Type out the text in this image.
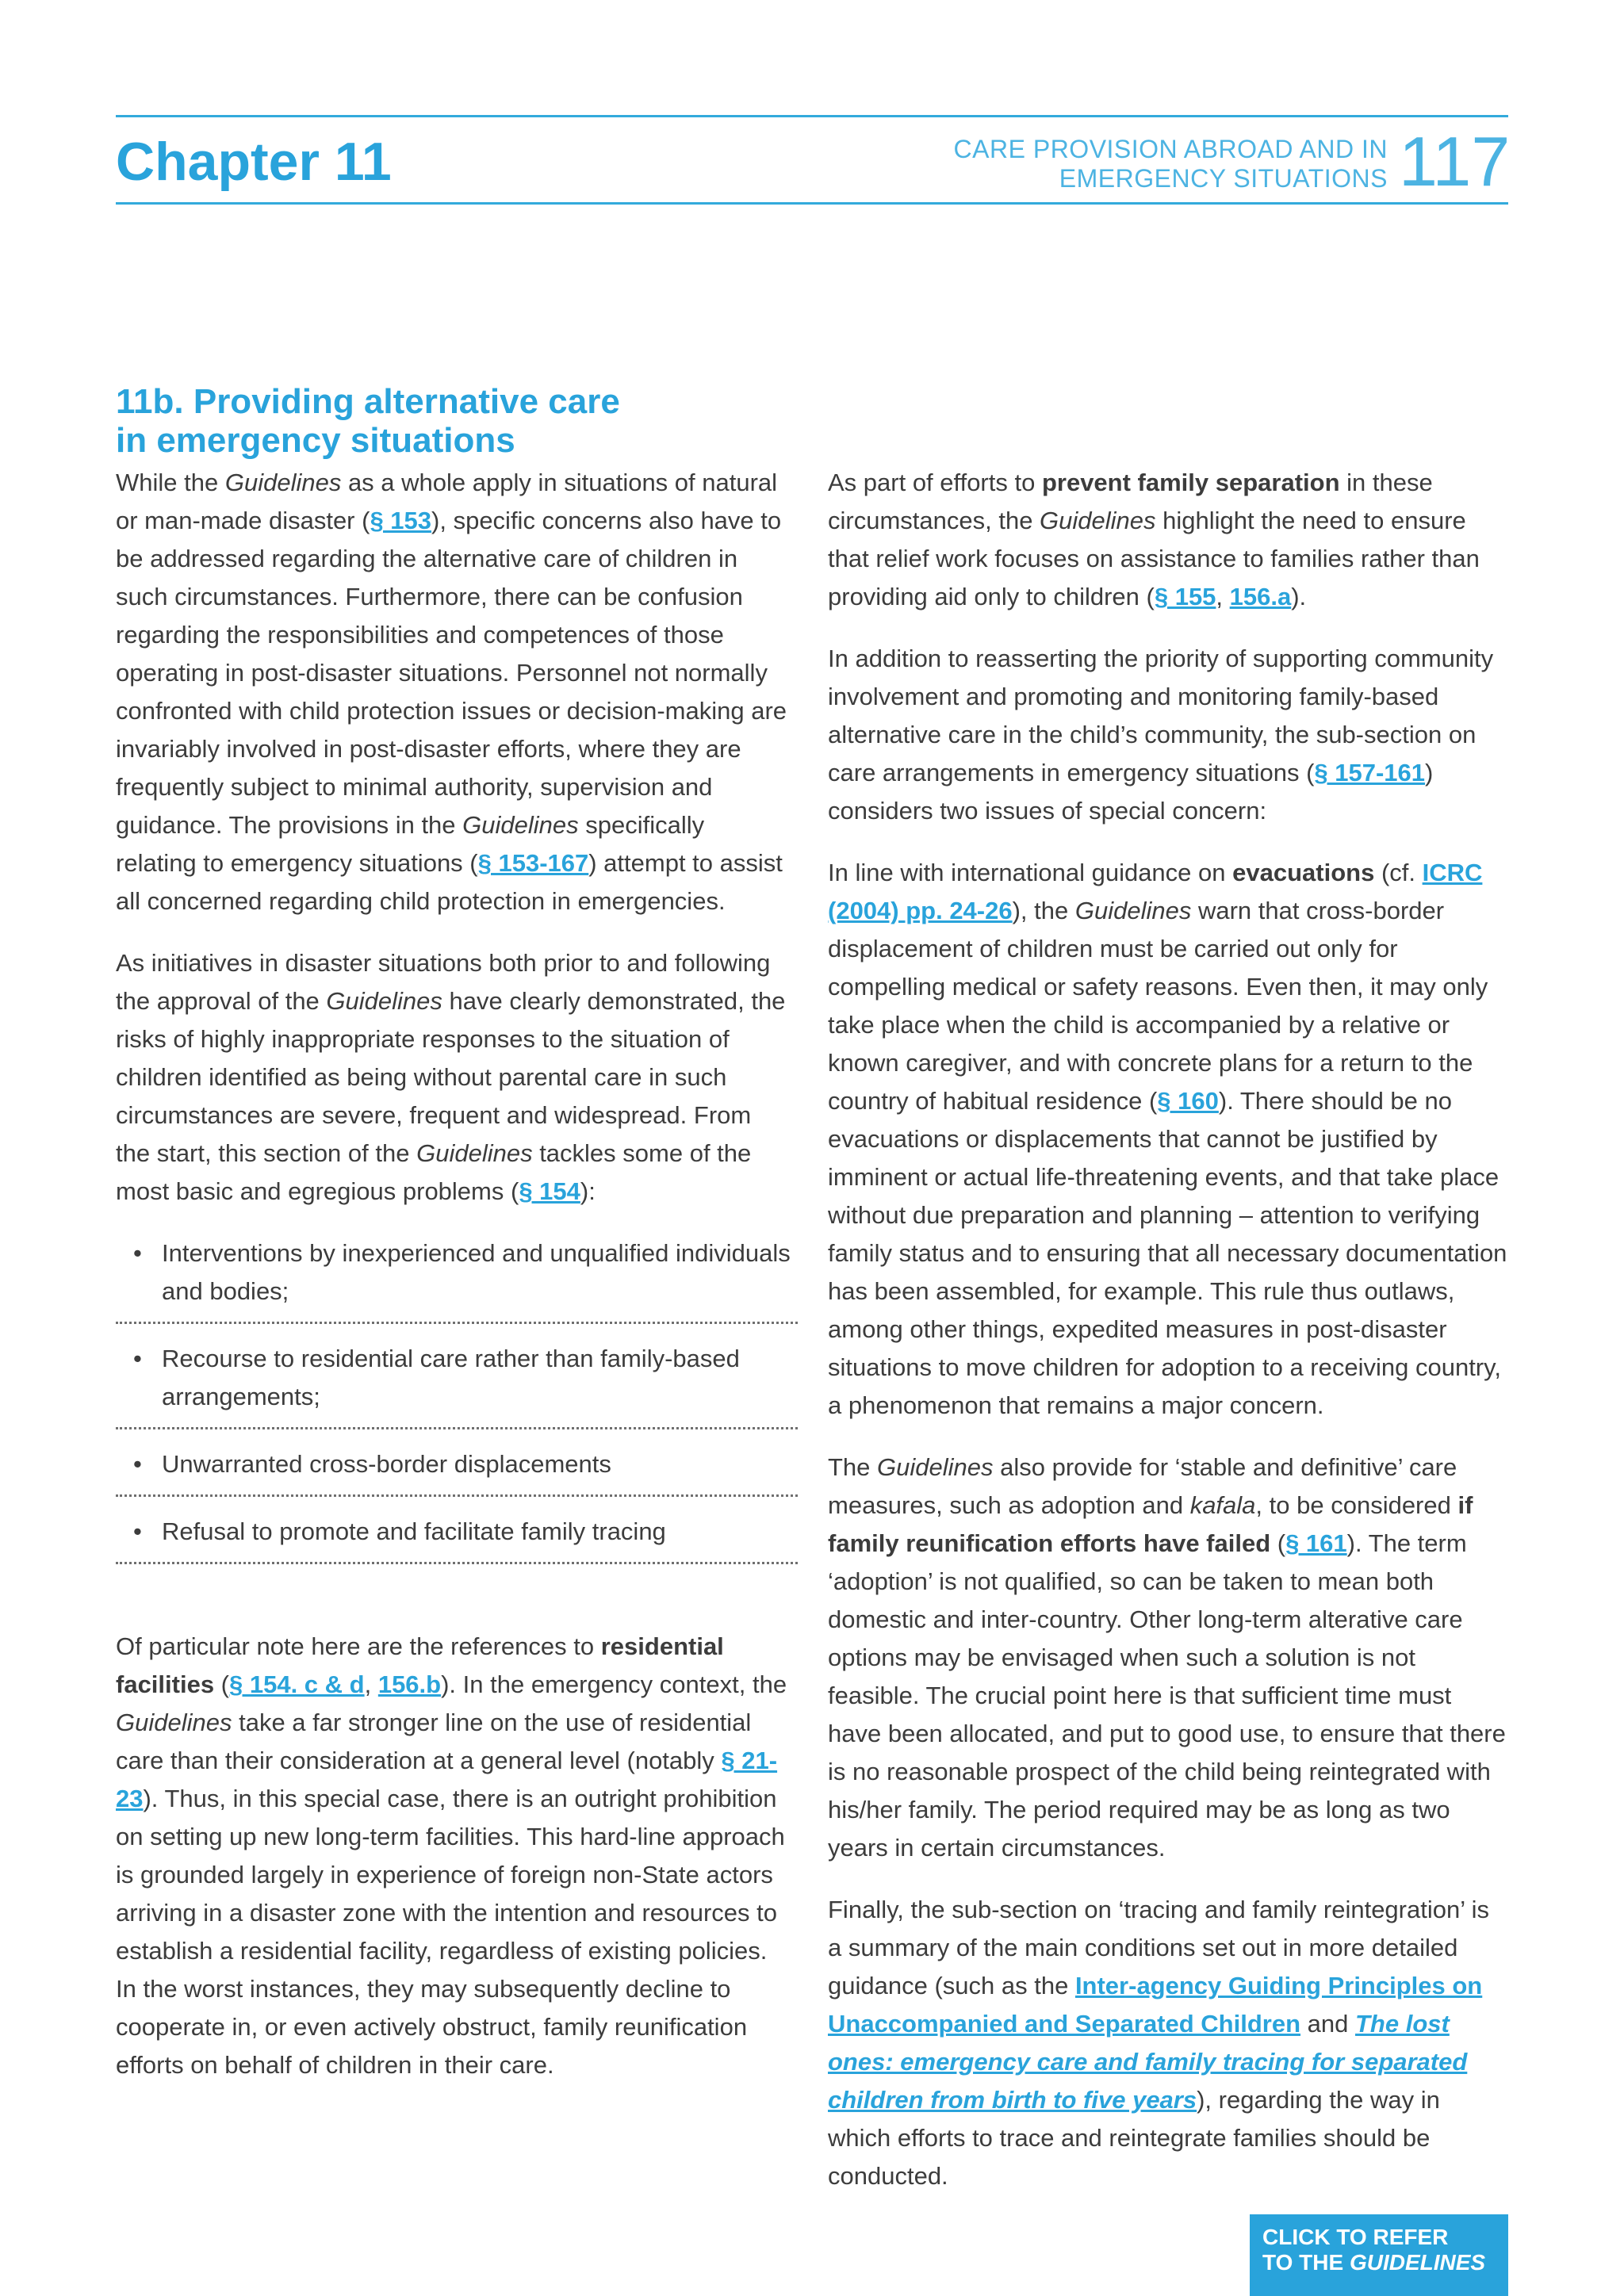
Chapter 11	CARE PROVISION ABROAD AND IN
EMERGENCY SITUATIONS 117
11b. Providing alternative care
in emergency situations

While the Guidelines as a whole apply in situations of natural or man-made disaster (§ 153), specific concerns also have to be addressed regarding the alternative care of children in such circumstances. Furthermore, there can be confusion regarding the responsibilities and competences of those operating in post-disaster situations. Personnel not normally confronted with child protection issues or decision-making are invariably involved in post-disaster efforts, where they are frequently subject to minimal authority, supervision and guidance. The provisions in the Guidelines specifically relating to emergency situations (§ 153-167) attempt to assist all concerned regarding child protection in emergencies.

As initiatives in disaster situations both prior to and following the approval of the Guidelines have clearly demonstrated, the risks of highly inappropriate responses to the situation of children identified as being without parental care in such circumstances are severe, frequent and widespread. From the start, this section of the Guidelines tackles some of the most basic and egregious problems (§ 154):

• Interventions by inexperienced and unqualified individuals and bodies;
• Recourse to residential care rather than family-based arrangements;
• Unwarranted cross-border displacements
• Refusal to promote and facilitate family tracing

Of particular note here are the references to residential facilities (§ 154. c & d, 156.b). In the emergency context, the Guidelines take a far stronger line on the use of residential care than their consideration at a general level (notably § 21-23). Thus, in this special case, there is an outright prohibition on setting up new long-term facilities. This hard-line approach is grounded largely in experience of foreign non-State actors arriving in a disaster zone with the intention and resources to establish a residential facility, regardless of existing policies. In the worst instances, they may subsequently decline to cooperate in, or even actively obstruct, family reunification efforts on behalf of children in their care.

As part of efforts to prevent family separation in these circumstances, the Guidelines highlight the need to ensure that relief work focuses on assistance to families rather than providing aid only to children (§ 155, 156.a).

In addition to reasserting the priority of supporting community involvement and promoting and monitoring family-based alternative care in the child’s community, the sub-section on care arrangements in emergency situations (§ 157-161) considers two issues of special concern:

In line with international guidance on evacuations (cf. ICRC (2004) pp. 24-26), the Guidelines warn that cross-border displacement of children must be carried out only for compelling medical or safety reasons. Even then, it may only take place when the child is accompanied by a relative or known caregiver, and with concrete plans for a return to the country of habitual residence (§ 160). There should be no evacuations or displacements that cannot be justified by imminent or actual life-threatening events, and that take place without due preparation and planning – attention to verifying family status and to ensuring that all necessary documentation has been assembled, for example. This rule thus outlaws, among other things, expedited measures in post-disaster situations to move children for adoption to a receiving country, a phenomenon that remains a major concern.

The Guidelines also provide for ‘stable and definitive’ care measures, such as adoption and kafala, to be considered if family reunification efforts have failed (§ 161). The term ‘adoption’ is not qualified, so can be taken to mean both domestic and inter-country. Other long-term alterative care options may be envisaged when such a solution is not feasible. The crucial point here is that sufficient time must have been allocated, and put to good use, to ensure that there is no reasonable prospect of the child being reintegrated with his/her family. The period required may be as long as two years in certain circumstances.

Finally, the sub-section on ‘tracing and family reintegration’ is a summary of the main conditions set out in more detailed guidance (such as the Inter-agency Guiding Principles on Unaccompanied and Separated Children and The lost ones: emergency care and family tracing for separated children from birth to five years), regarding the way in which efforts to trace and reintegrate families should be conducted.

CLICK TO REFER
TO THE GUIDELINES
